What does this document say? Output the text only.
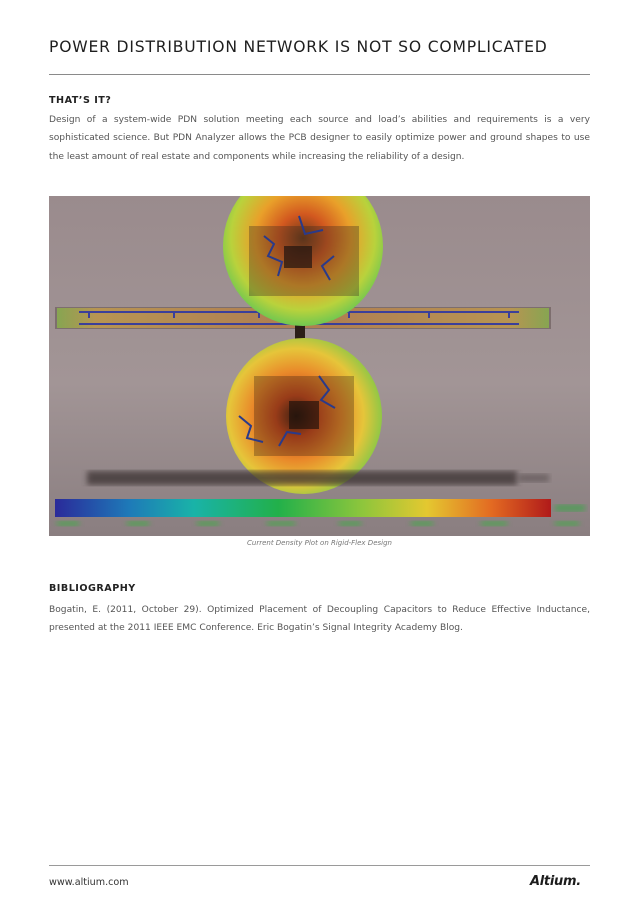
POWER DISTRIBUTION NETWORK IS NOT SO COMPLICATED
THAT’S IT?

Design of a system-wide PDN solution meeting each source and load’s abilities and requirements is a very sophisticated science. But PDN Analyzer allows the PCB designer to easily optimize power and ground shapes to use the least amount of real estate and components while increasing the reliability of a design.

Current Density Plot on Rigid-Flex Design

BIBLIOGRAPHY

Bogatin, E. (2011, October 29). Optimized Placement of Decoupling Capacitors to Reduce Effective Inductance, presented at the 2011 IEEE EMC Conference. Eric Bogatin’s Signal Integrity Academy Blog.

www.altium.com	Altium.
